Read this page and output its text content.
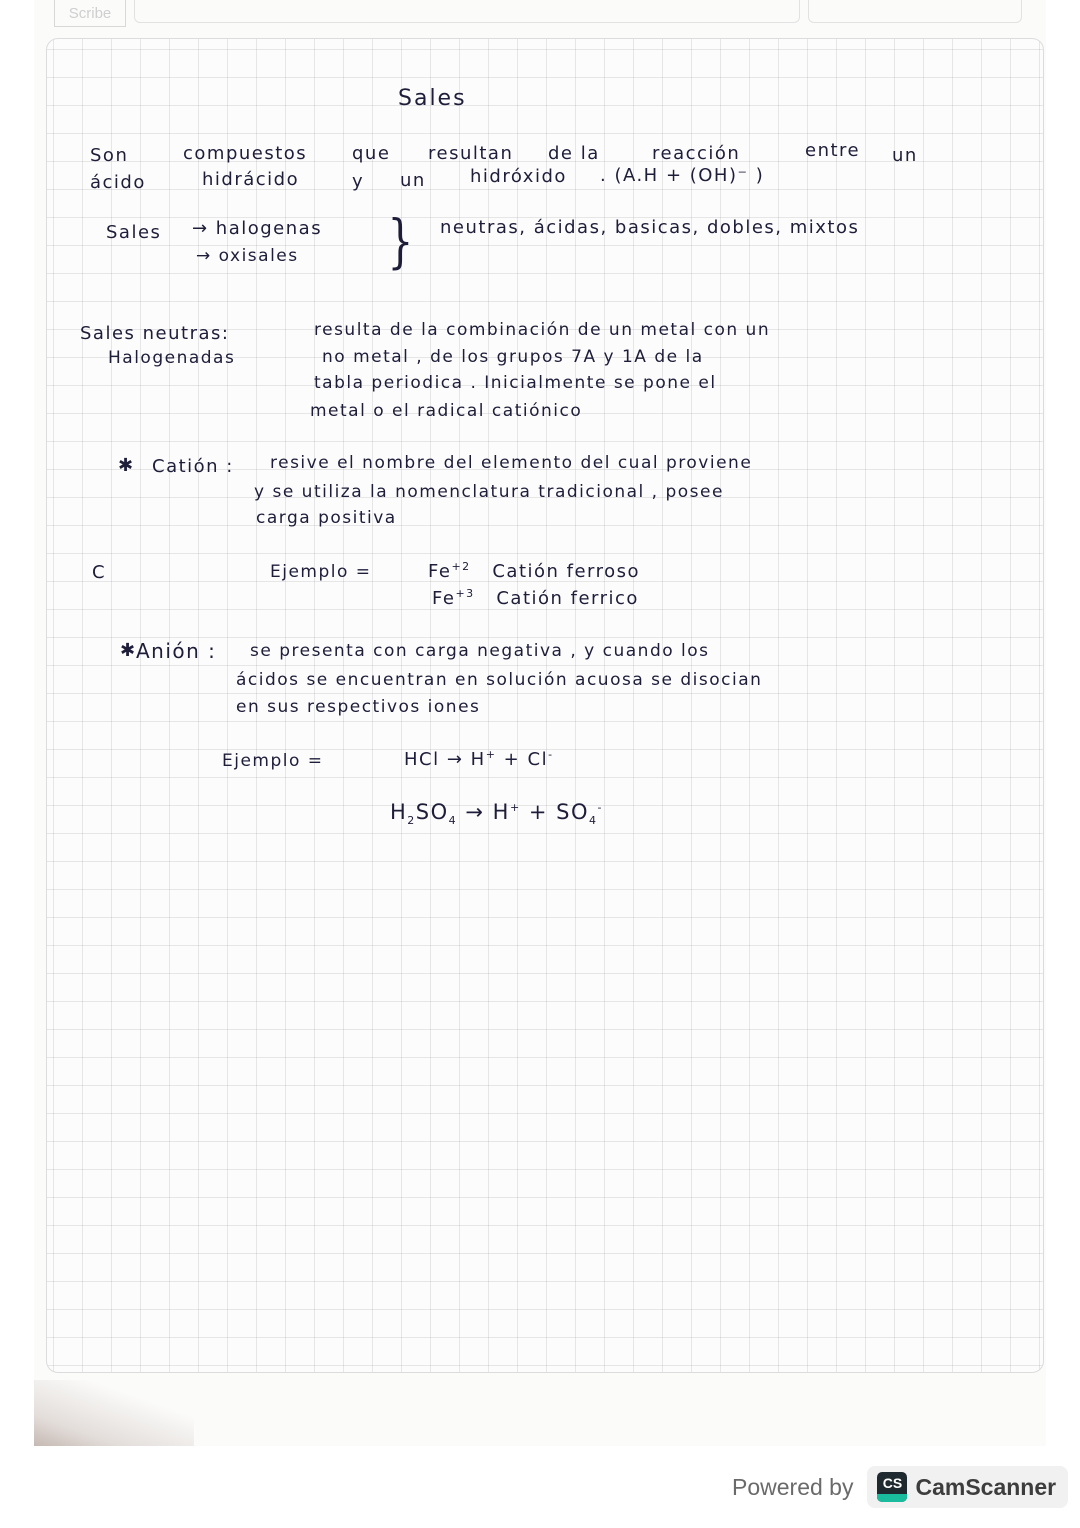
Scribe
Sales
Son	compuestos que resultan de la	reacción	entre un
ácido	hidrácido	y un hidróxido . (A.H + (OH)⁻ )
Sales → halogenas
→ oxisales } neutras, ácidas, basicas, dobles, mixtos
Sales neutras:
Halogenadas
resulta de la combinación de un metal con un
no metal , de los grupos 7A y 1A de la
tabla periodica . Inicialmente se pone el
metal o el radical catiónico
✱ Catión : resive el nombre del elemento del cual proviene
y se utiliza la nomenclatura tradicional , posee
carga positiva
C	Ejemplo =	$Fe^{+2}$ Catión ferroso
$Fe^{+3}$ Catión ferrico
✱ Anión : se presenta con carga negativa , y cuando los
ácidos se encuentran en solución acuosa se disocian
en sus respectivos iones
Ejemplo =	HCl → H+ + Cl-
$H_2SO_4 \to H^+ + SO_4^-$
Powered by	CS CamScanner
